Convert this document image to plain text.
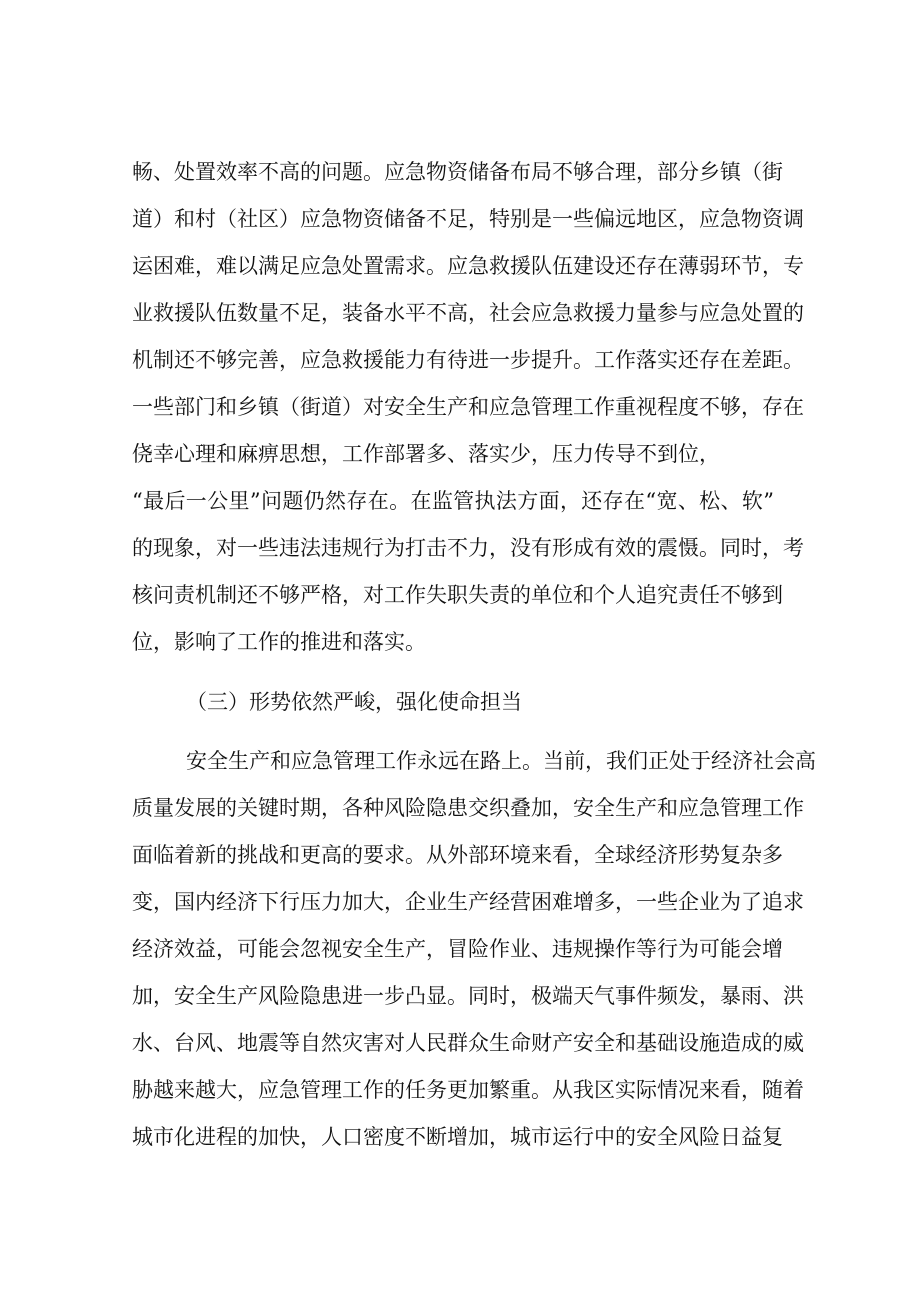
畅、处置效率不高的问题。应急物资储备布局不够合理，部分乡镇（街
道）和村（社区）应急物资储备不足，特别是一些偏远地区，应急物资调
运困难，难以满足应急处置需求。应急救援队伍建设还存在薄弱环节，专
业救援队伍数量不足，装备水平不高，社会应急救援力量参与应急处置的
机制还不够完善，应急救援能力有待进一步提升。工作落实还存在差距。
一些部门和乡镇（街道）对安全生产和应急管理工作重视程度不够，存在
侥幸心理和麻痹思想，工作部署多、落实少，压力传导不到位，
“最后一公里”问题仍然存在。在监管执法方面，还存在“宽、松、软”
的现象，对一些违法违规行为打击不力，没有形成有效的震慑。同时，考
核问责机制还不够严格，对工作失职失责的单位和个人追究责任不够到
位，影响了工作的推进和落实。
（三）形势依然严峻，强化使命担当
安全生产和应急管理工作永远在路上。当前，我们正处于经济社会高
质量发展的关键时期，各种风险隐患交织叠加，安全生产和应急管理工作
面临着新的挑战和更高的要求。从外部环境来看，全球经济形势复杂多
变，国内经济下行压力加大，企业生产经营困难增多，一些企业为了追求
经济效益，可能会忽视安全生产，冒险作业、违规操作等行为可能会增
加，安全生产风险隐患进一步凸显。同时，极端天气事件频发，暴雨、洪
水、台风、地震等自然灾害对人民群众生命财产安全和基础设施造成的威
胁越来越大，应急管理工作的任务更加繁重。从我区实际情况来看，随着
城市化进程的加快，人口密度不断增加，城市运行中的安全风险日益复
